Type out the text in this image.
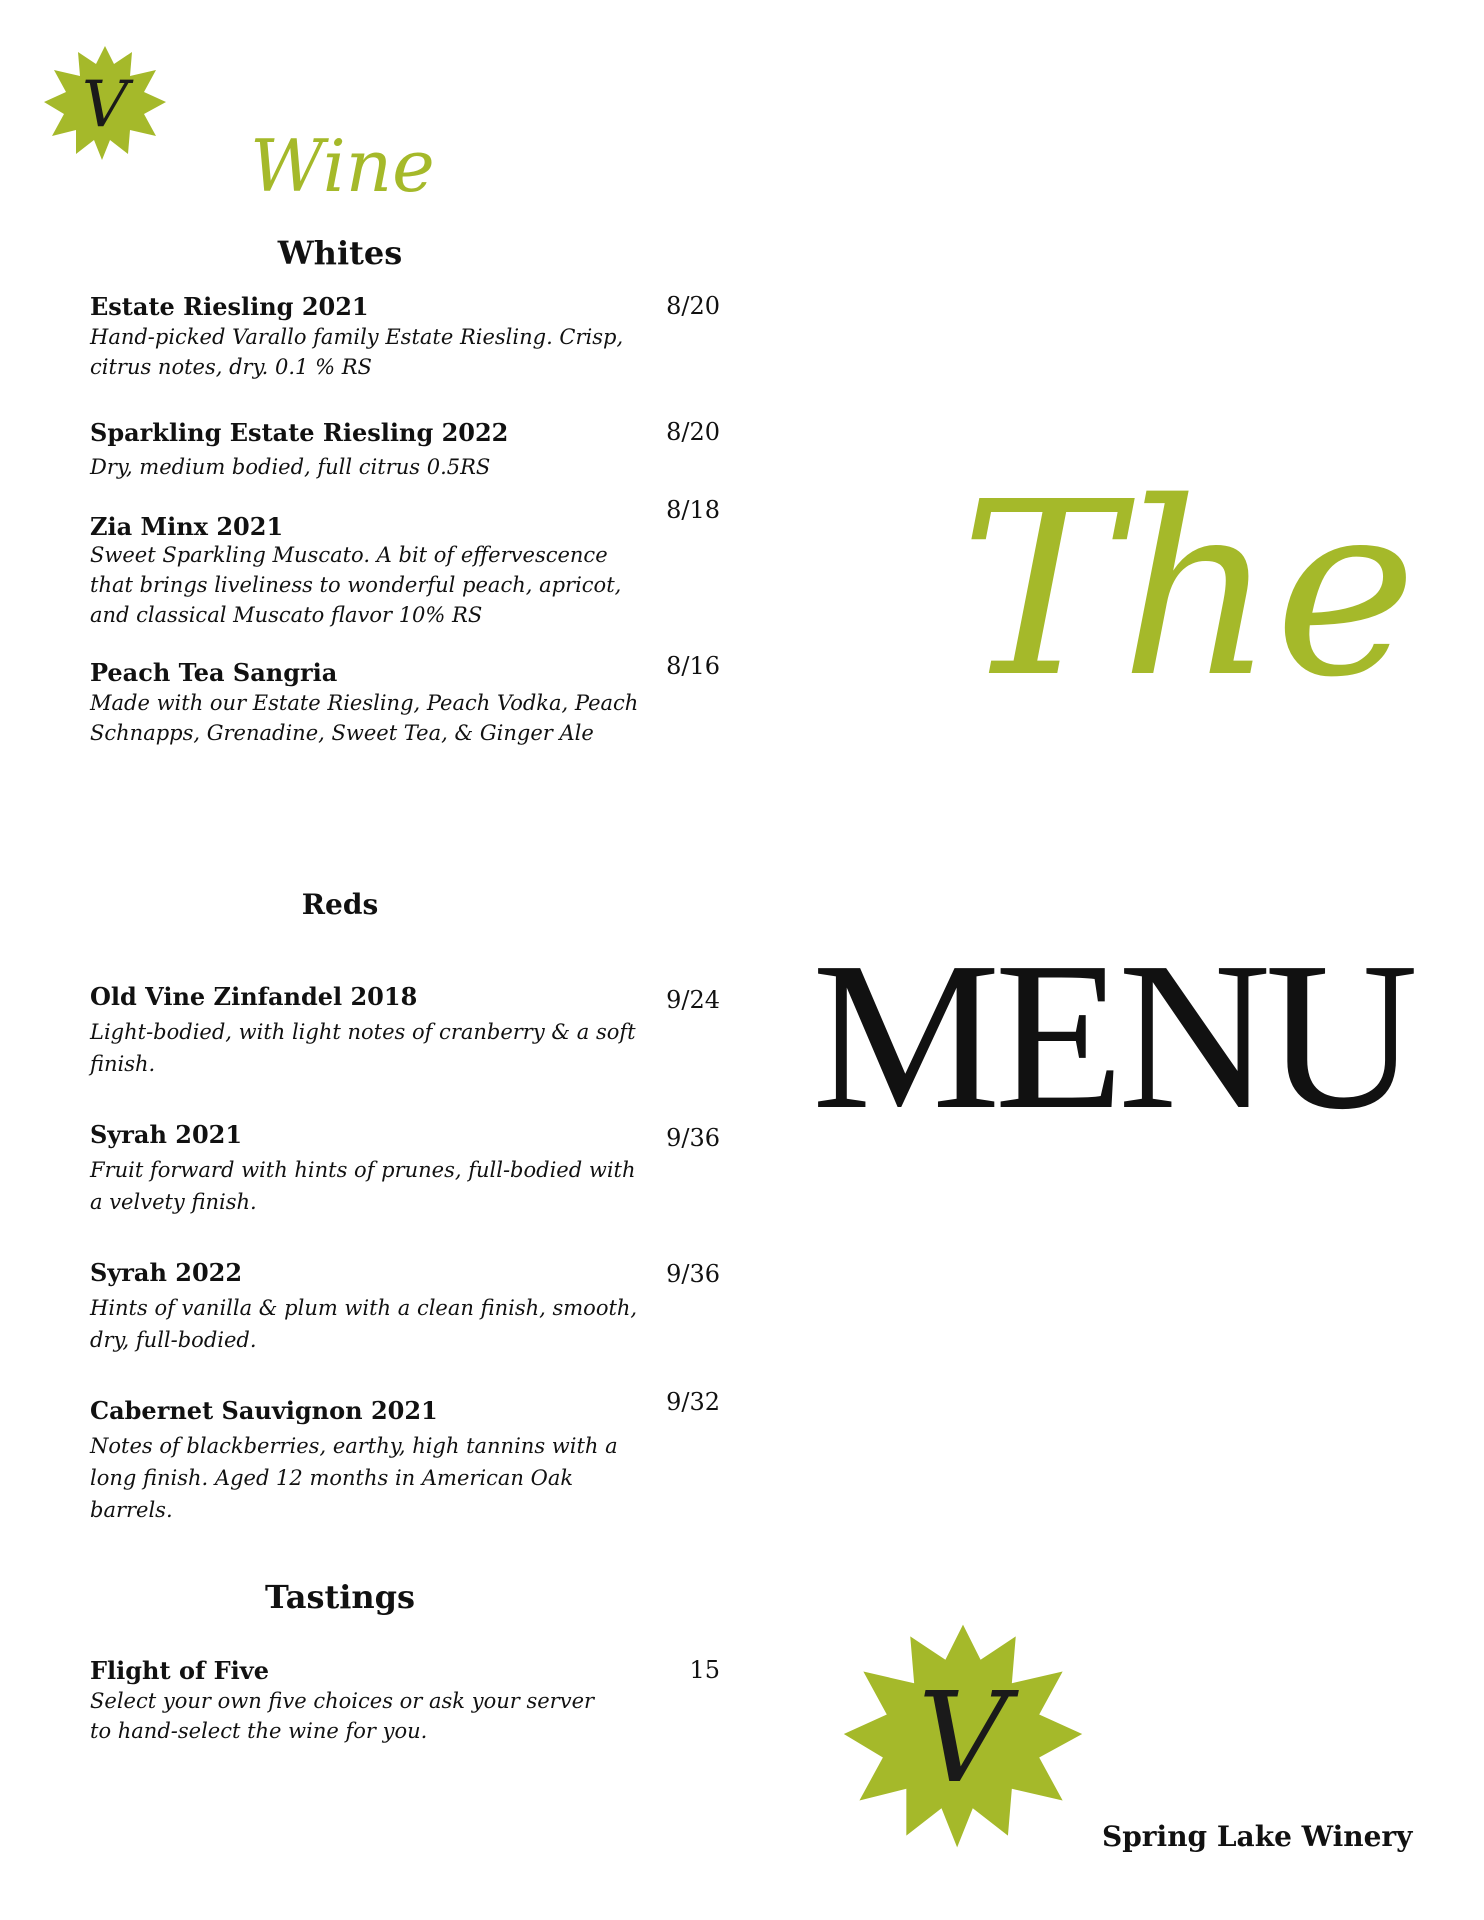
V
Wine
Whites
Estate Riesling 2021
Hand-picked Varallo family Estate Riesling. Crisp, citrus notes, dry. 0.1 % RS
8/20
Sparkling Estate Riesling 2022
Dry, medium bodied, full citrus 0.5RS
8/20
Zia Minx 2021
Sweet Sparkling Muscato. A bit of effervescence that brings liveliness to wonderful peach, apricot, and classical Muscato flavor 10% RS
8/18
Peach Tea Sangria
Made with our Estate Riesling, Peach Vodka, Peach Schnapps, Grenadine, Sweet Tea, & Ginger Ale
8/16
Reds
Old Vine Zinfandel 2018
Light-bodied, with light notes of cranberry & a soft finish.
9/24
Syrah 2021
Fruit forward with hints of prunes, full-bodied with a velvety finish.
9/36
Syrah 2022
Hints of vanilla & plum with a clean finish, smooth, dry, full-bodied.
9/36
Cabernet Sauvignon 2021
Notes of blackberries, earthy, high tannins with a long finish. Aged 12 months in American Oak barrels.
9/32
Tastings
Flight of Five
Select your own five choices or ask your server to hand-select the wine for you.
15
The
MENU
V
Spring Lake Winery
